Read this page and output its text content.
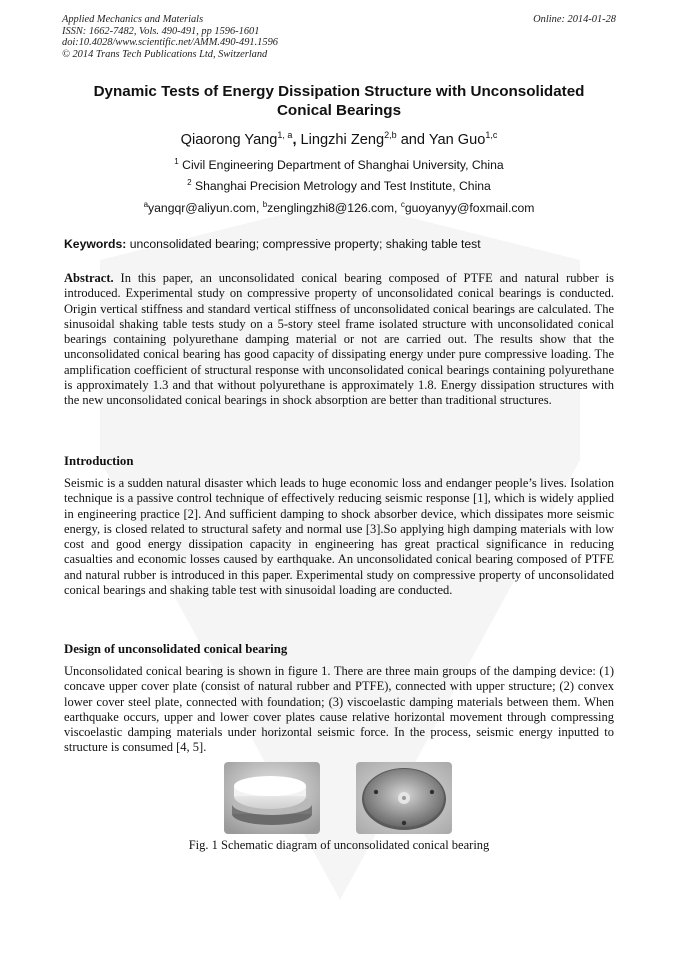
Applied Mechanics and Materials
ISSN: 1662-7482, Vols. 490-491, pp 1596-1601
doi:10.4028/www.scientific.net/AMM.490-491.1596
© 2014 Trans Tech Publications Ltd, Switzerland
Online: 2014-01-28
Dynamic Tests of Energy Dissipation Structure with Unconsolidated
Conical Bearings
Qiaorong Yang$^{1, a}$, Lingzhi Zeng$^{2,b}$ and Yan Guo$^{1,c}$
$^1$ Civil Engineering Department of Shanghai University, China
$^2$ Shanghai Precision Metrology and Test Institute, China
$^a$yangqr@aliyun.com, $^b$zenglingzhi8@126.com, $^c$guoyanyy@foxmail.com
Keywords: unconsolidated bearing; compressive property; shaking table test
Abstract. In this paper, an unconsolidated conical bearing composed of PTFE and natural rubber is introduced. Experimental study on compressive property of unconsolidated conical bearings is conducted. Origin vertical stiffness and standard vertical stiffness of unconsolidated conical bearings are calculated. The sinusoidal shaking table tests study on a 5-story steel frame isolated structure with unconsolidated conical bearings containing polyurethane damping material or not are carried out. The results show that the unconsolidated conical bearing has good capacity of dissipating energy under pure compressive loading. The amplification coefficient of structural response with unconsolidated conical bearings containing polyurethane is approximately 1.3 and that without polyurethane is approximately 1.8. Energy dissipation structures with the new unconsolidated conical bearings in shock absorption are better than traditional structures.
Introduction
Seismic is a sudden natural disaster which leads to huge economic loss and endanger people’s lives. Isolation technique is a passive control technique of effectively reducing seismic response [1], which is widely applied in engineering practice [2]. And sufficient damping to shock absorber device, which dissipates more seismic energy, is closed related to structural safety and normal use [3].So applying high damping materials with low cost and good energy dissipation capacity in engineering has great practical significance in reducing casualties and economic losses caused by earthquake. An unconsolidated conical bearing composed of PTFE and natural rubber is introduced in this paper. Experimental study on compressive property of unconsolidated conical bearings and shaking table test with sinusoidal loading are conducted.
Design of unconsolidated conical bearing
Unconsolidated conical bearing is shown in figure 1. There are three main groups of the damping device: (1) concave upper cover plate (consist of natural rubber and PTFE), connected with upper structure; (2) convex lower cover steel plate, connected with foundation; (3) viscoelastic damping materials between them. When earthquake occurs, upper and lower cover plates cause relative horizontal movement through compressing viscoelastic damping materials under horizontal seismic force. In the process, seismic energy inputted to structure is consumed [4, 5].
Fig. 1 Schematic diagram of unconsolidated conical bearing
